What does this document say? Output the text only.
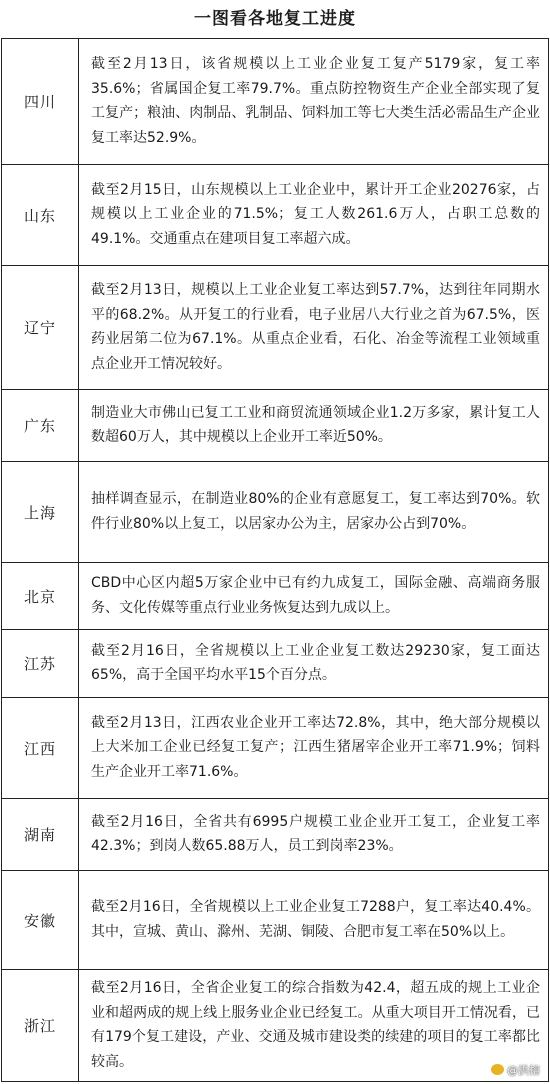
一图看各地复工进度
四川	截至2月13日，该省规模以上工业企业复工复产5179家，复工率35.6%；省属国企复工率79.7%。重点防控物资生产企业全部实现了复工复产；粮油、肉制品、乳制品、饲料加工等七大类生活必需品生产企业复工率达52.9%。
山东	截至2月15日，山东规模以上工业企业中，累计开工企业20276家，占规模以上工业企业的71.5%；复工人数261.6万人，占职工总数的49.1%。交通重点在建项目复工率超六成。
辽宁	截至2月13日，规模以上工业企业复工率达到57.7%，达到往年同期水平的68.2%。从开复工的行业看，电子业居八大行业之首为67.5%，医药业居第二位为67.1%。从重点企业看，石化、冶金等流程工业领域重点企业开工情况较好。
广东	制造业大市佛山已复工工业和商贸流通领域企业1.2万多家，累计复工人数超60万人，其中规模以上企业开工率近50%。
上海	抽样调查显示，在制造业80%的企业有意愿复工，复工率达到70%。软件行业80%以上复工，以居家办公为主，居家办公占到70%。
北京	CBD中心区内超5万家企业中已有约九成复工，国际金融、高端商务服务、文化传媒等重点行业业务恢复达到九成以上。
江苏	截至2月16日，全省规模以上工业企业复工数达29230家，复工面达65%，高于全国平均水平15个百分点。
江西	截至2月13日，江西农业企业开工率达72.8%，其中，绝大部分规模以上大米加工企业已经复工复产；江西生猪屠宰企业开工率71.9%；饲料生产企业开工率71.6%。
湖南	截至2月16日，全省共有6995户规模工业企业开工复工，企业复工率42.3%；到岗人数65.88万人，员工到岗率23%。
安徽	截至2月16日，全省规模以上工业企业复工7288户，复工率达40.4%。其中，宣城、黄山、滁州、芜湖、铜陵、合肥市复工率在50%以上。
浙江	截至2月16日，全省企业复工的综合指数为42.4，超五成的规上工业企业和超两成的规上线上服务业企业已经复工。从重大项目开工情况看，已有179个复工建设，产业、交通及城市建设类的续建的项目的复工率都比较高。
@洪榕
